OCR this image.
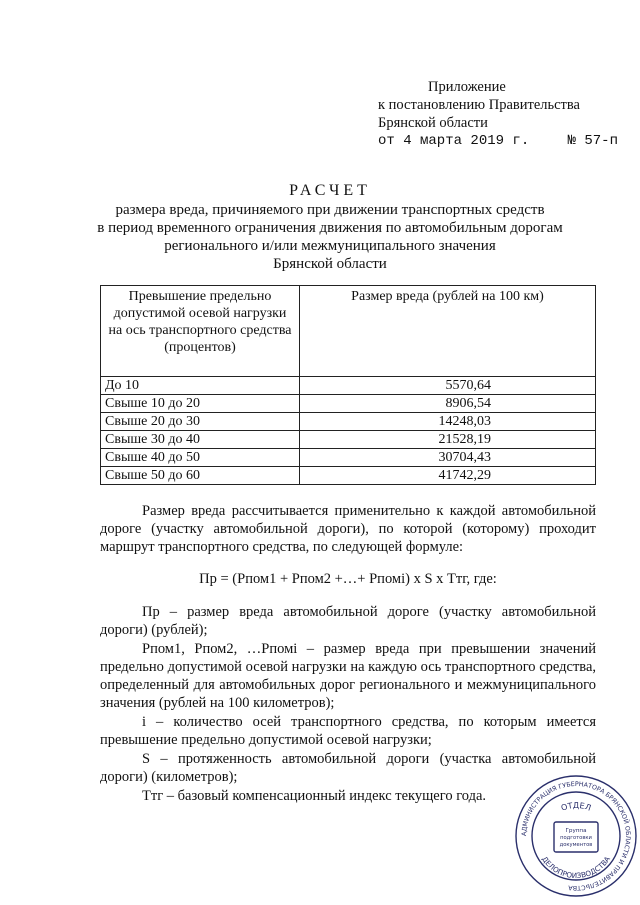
Приложение
к постановлению Правительства
Брянской области
от 4 марта 2019 г.	№ 57-п
РАСЧЕТ
размера вреда, причиняемого при движении транспортных средств
в период временного ограничения движения по автомобильным дорогам
регионального и/или межмуниципального значения
Брянской области
Превышение предельно допустимой осевой нагрузки на ось транспортного средства (процентов)	Размер вреда (рублей на 100 км)
До 10	5570,64
Свыше 10 до 20	8906,54
Свыше 20 до 30	14248,03
Свыше 30 до 40	21528,19
Свыше 40 до 50	30704,43
Свыше 50 до 60	41742,29
Размер вреда рассчитывается применительно к каждой автомобильной дороге (участку автомобильной дороги), по которой (которому) проходит маршрут транспортного средства, по следующей формуле:
Пр = (Рпом1 + Рпом2 +…+ Рпомi) x S x Ттг, где:

Пр – размер вреда автомобильной дороге (участку автомобильной дороги) (рублей);

Рпом1, Рпом2, …Рпомi – размер вреда при превышении значений предельно допустимой осевой нагрузки на каждую ось транспортного средства, определенный для автомобильных дорог регионального и межмуниципального значения (рублей на 100 километров);

i – количество осей транспортного средства, по которым имеется превышение предельно допустимой осевой нагрузки;

S – протяженность автомобильной дороги (участка автомобильной дороги) (километров);

Ттг – базовый компенсационный индекс текущего года.

АДМИНИСТРАЦИЯ ГУБЕРНАТОРА БРЯНСКОЙ ОБЛАСТИ И ПРАВИТЕЛЬСТВА
ОТДЕЛ
ДЕЛОПРОИЗВОДСТВА
Группа
подготовки
документов
